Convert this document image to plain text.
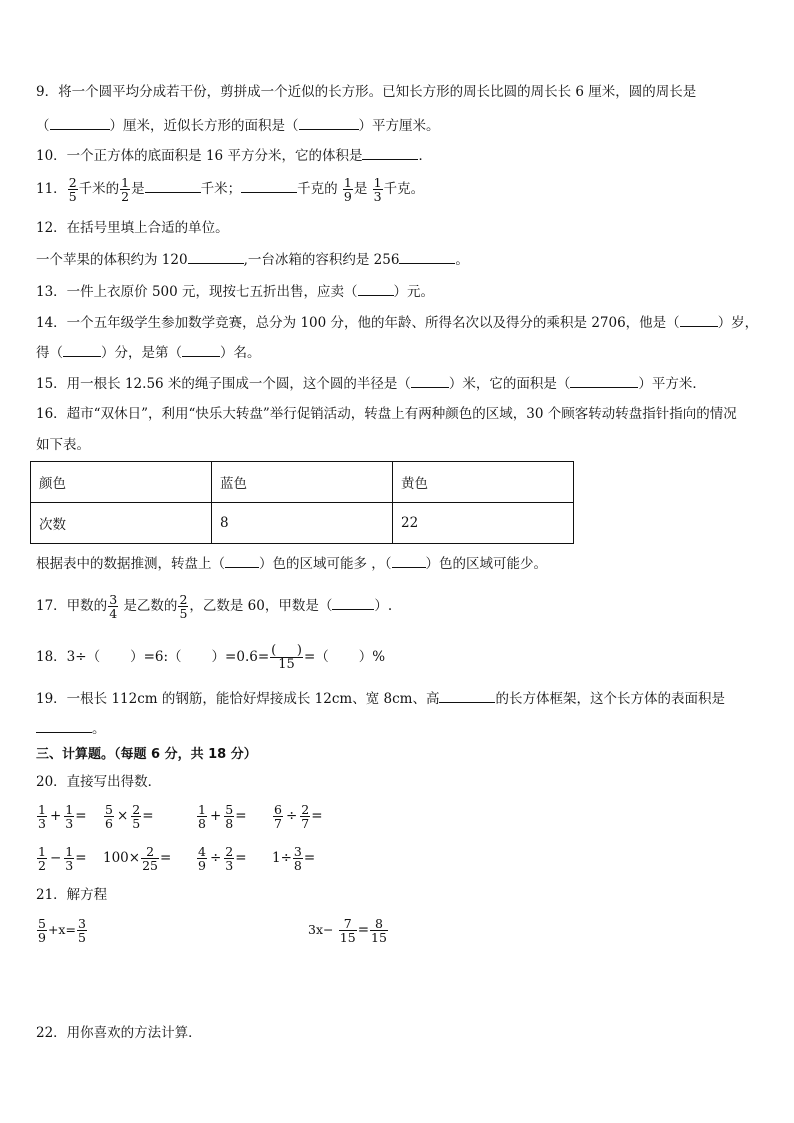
9．将一个圆平均分成若干份，剪拼成一个近似的长方形。已知长方形的周长比圆的周长长 6 厘米，圆的周长是
（	）厘米，近似长方形的面积是（	）平方厘米。
10．一个正方体的底面积是 16 平方分米，它的体积是	．
11． $\frac{2}{5}$ 千米的 $\frac{1}{2}$ 是	千米；	千克的 $\frac{1}{9}$ 是 $\frac{1}{3}$ 千克。
12．在括号里填上合适的单位。
一个苹果的体积约为 120	,一台冰箱的容积约是 256	。
13．一件上衣原价 500 元，现按七五折出售，应卖（	）元。
14．一个五年级学生参加数学竞赛，总分为 100 分，他的年龄、所得名次以及得分的乘积是 2706，他是（	）岁，
得（	）分，是第（	）名。
15．用一根长 12.56 米的绳子围成一个圆，这个圆的半径是（	）米，它的面积是（	）平方米．
16．超市“双休日”，利用“快乐大转盘”举行促销活动，转盘上有两种颜色的区域，30 个顾客转动转盘指针指向的情况
如下表。
颜色	蓝色	黄色
次数	8	22
根据表中的数据推测，转盘上（	）色的区域可能多 ，（	）色的区域可能少。
17．甲数的 $\frac{3}{4}$ 是乙数的 $\frac{2}{5}$ ，乙数是 60，甲数是（	）.
18．3÷（ ）=6:（ ）$=0.6= \frac{( )}{15}$ =（ ）%
19．一根长 112cm 的钢筋，能恰好焊接成长 12cm、宽 8cm、高	的长方体框架，这个长方体的表面积是
。
三、计算题。（每题 6 分，共 18 分）
20．直接写出得数．
$\frac{1}{3} + \frac{1}{3} = \frac{5}{6} \times \frac{2}{5}$ =	$\frac{1}{8} + \frac{5}{8} = \frac{6}{7} \div \frac{2}{7}$ =
$\frac{1}{2} - \frac{1}{3} = 100\times \frac{2}{25} = \frac{4}{9} \div \frac{2}{3} = 1\div \frac{3}{8}$ =
21．解方程
$\frac{5}{9} +x= \frac{3}{5}$	$3x- \frac{7}{15} = \frac{8}{15}$
22．用你喜欢的方法计算．
